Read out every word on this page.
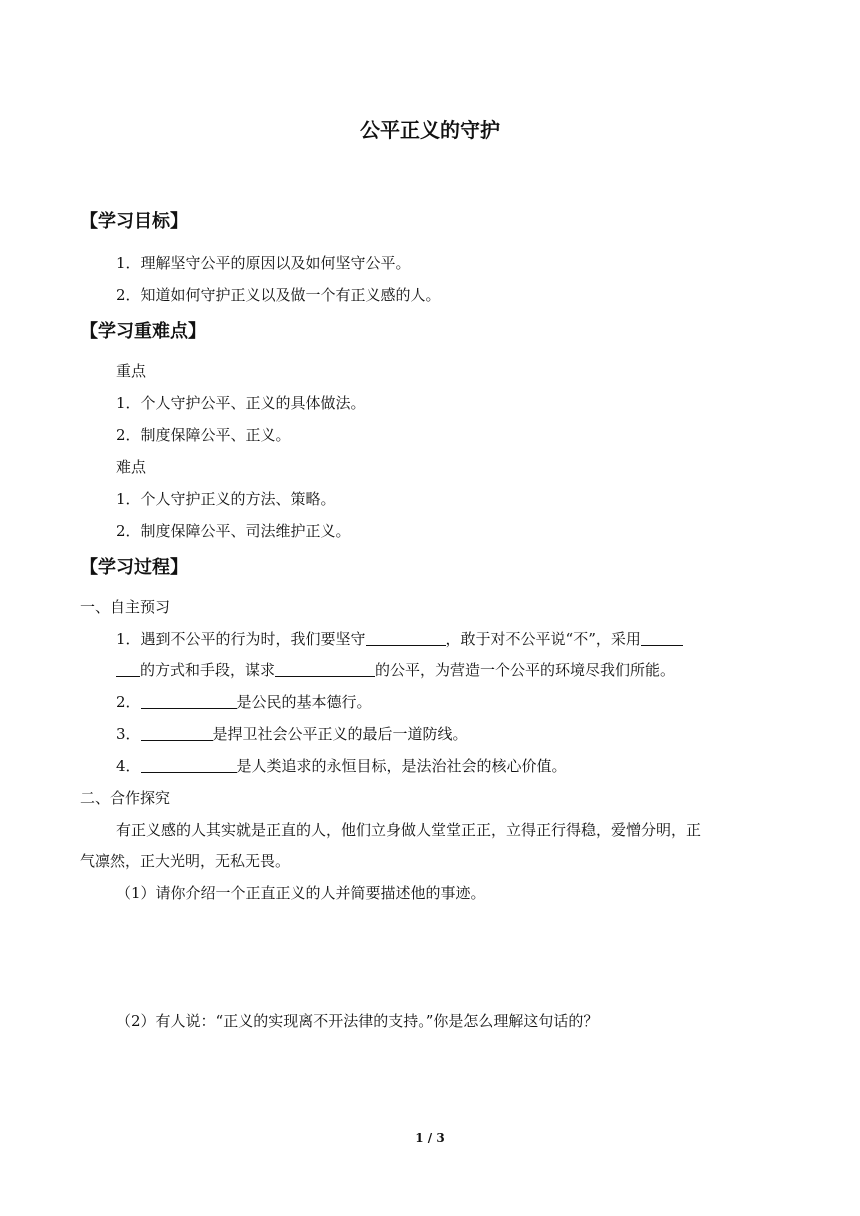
公平正义的守护
【学习目标】
1．理解坚守公平的原因以及如何坚守公平。
2．知道如何守护正义以及做一个有正义感的人。
【学习重难点】
重点
1．个人守护公平、正义的具体做法。
2．制度保障公平、正义。
难点
1．个人守护正义的方法、策略。
2．制度保障公平、司法维护正义。
【学习过程】
一、自主预习
1．遇到不公平的行为时，我们要坚守	，敢于对不公平说“不”，采用
的方式和手段，谋求	的公平，为营造一个公平的环境尽我们所能。
2．	是公民的基本德行。
3．	是捍卫社会公平正义的最后一道防线。
4．	是人类追求的永恒目标，是法治社会的核心价值。
二、合作探究
有正义感的人其实就是正直的人，他们立身做人堂堂正正，立得正行得稳，爱憎分明，正
气凛然，正大光明，无私无畏。
（1）请你介绍一个正直正义的人并简要描述他的事迹。
（2）有人说：“正义的实现离不开法律的支持。”你是怎么理解这句话的？
1 / 3
